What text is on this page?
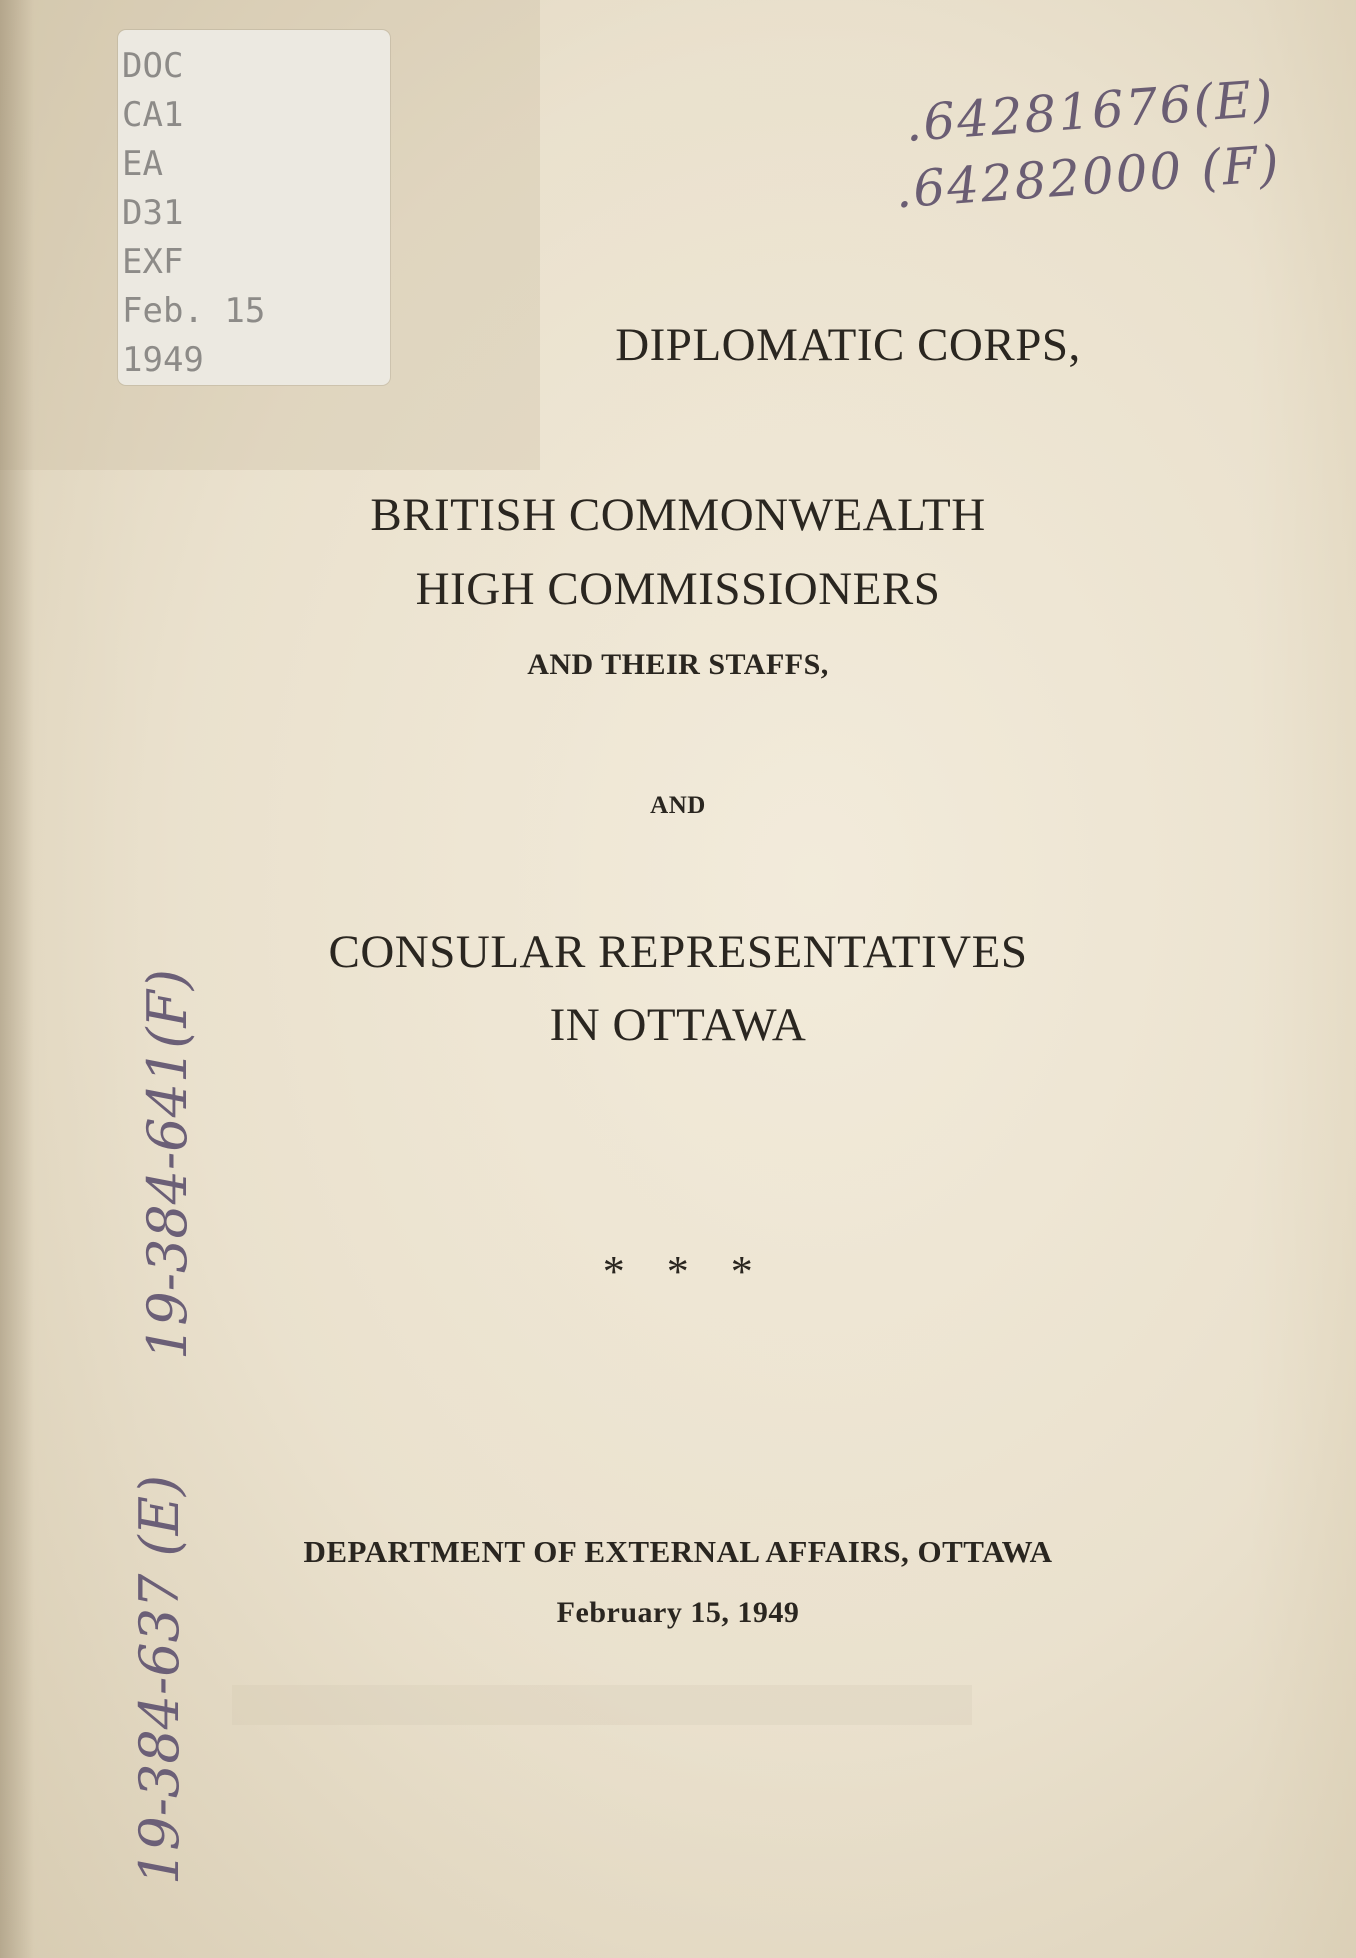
DOC
CA1
EA
D31
EXF
Feb. 15
1949
.64281676(E)
.64282000 (F)
19-384-641(F)
19-384-637 (E)
DIPLOMATIC CORPS,
BRITISH COMMONWEALTH
HIGH COMMISSIONERS
AND THEIR STAFFS,
AND
CONSULAR REPRESENTATIVES
IN OTTAWA
* * *
DEPARTMENT OF EXTERNAL AFFAIRS, OTTAWA
February 15, 1949
